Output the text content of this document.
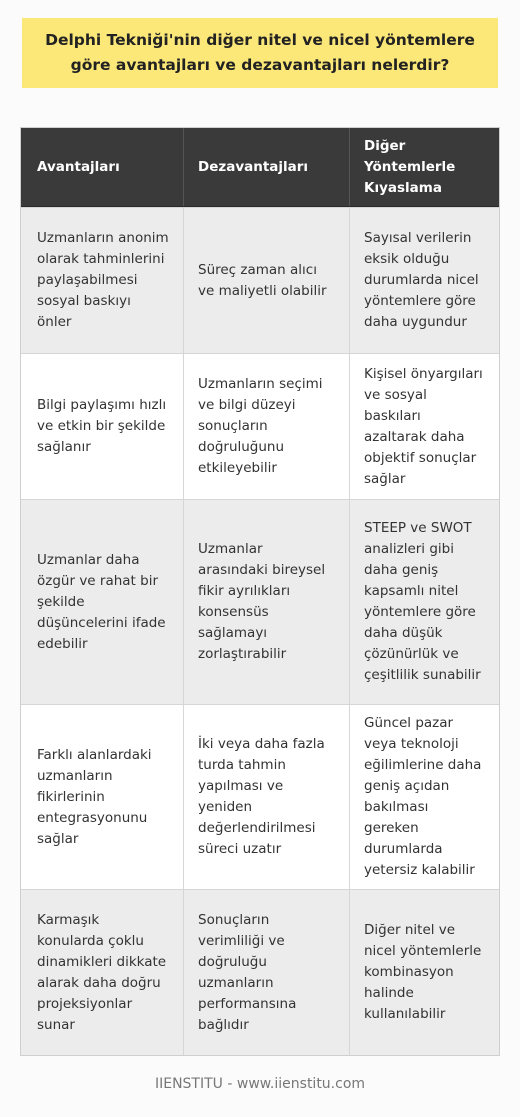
Delphi Tekniği'nin diğer nitel ve nicel yöntemlere göre avantajları ve dezavantajları nelerdir?
Avantajları	Dezavantajları
Diğer Yöntemlerle Kıyaslama
Uzmanların anonim olarak tahminlerini paylaşabilmesi sosyal baskıyı önler
Süreç zaman alıcı ve maliyetli olabilir
Sayısal verilerin eksik olduğu durumlarda nicel yöntemlere göre daha uygundur
Bilgi paylaşımı hızlı ve etkin bir şekilde sağlanır
Uzmanların seçimi ve bilgi düzeyi sonuçların doğruluğunu etkileyebilir
Kişisel önyargıları ve sosyal baskıları azaltarak daha objektif sonuçlar sağlar
Uzmanlar daha özgür ve rahat bir şekilde düşüncelerini ifade edebilir
Uzmanlar arasındaki bireysel fikir ayrılıkları konsensüs sağlamayı zorlaştırabilir
STEEP ve SWOT analizleri gibi daha geniş kapsamlı nitel yöntemlere göre daha düşük çözünürlük ve çeşitlilik sunabilir
Farklı alanlardaki uzmanların fikirlerinin entegrasyonunu sağlar
İki veya daha fazla turda tahmin yapılması ve yeniden değerlendirilmesi süreci uzatır
Güncel pazar veya teknoloji eğilimlerine daha geniş açıdan bakılması gereken durumlarda yetersiz kalabilir
Karmaşık konularda çoklu dinamikleri dikkate alarak daha doğru projeksiyonlar sunar
Sonuçların verimliliği ve doğruluğu uzmanların performansına bağlıdır
Diğer nitel ve nicel yöntemlerle kombinasyon halinde kullanılabilir
IIENSTITU - www.iienstitu.com
